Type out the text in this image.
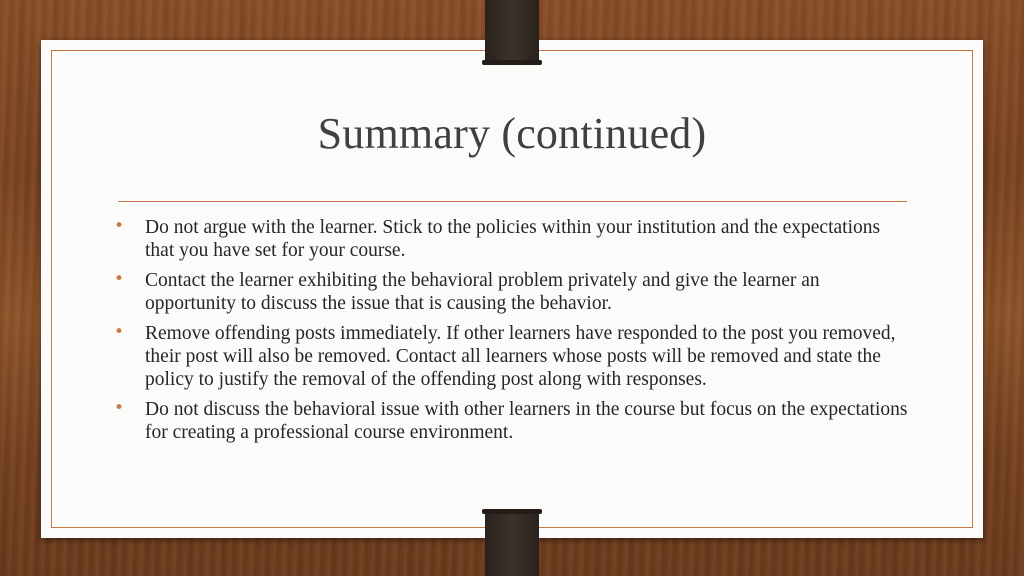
Summary (continued)
• Do not argue with the learner. Stick to the policies within your institution and the expectations that you have set for your course.
• Contact the learner exhibiting the behavioral problem privately and give the learner an opportunity to discuss the issue that is causing the behavior.
• Remove offending posts immediately. If other learners have responded to the post you removed, their post will also be removed. Contact all learners whose posts will be removed and state the policy to justify the removal of the offending post along with responses.
• Do not discuss the behavioral issue with other learners in the course but focus on the expectations for creating a professional course environment.
